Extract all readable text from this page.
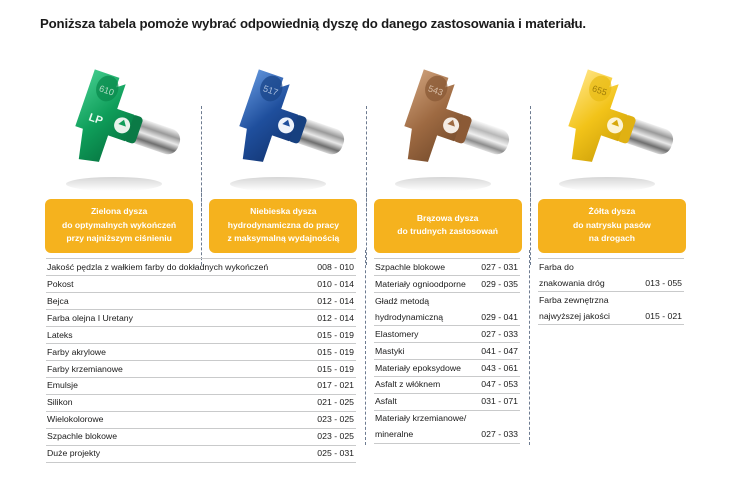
Poniższa tabela pomoże wybrać odpowiednią dyszę do danego zastosowania i materiału.
610
LP
517	543	655
Zielona dysza
do optymalnych wykończeń
przy najniższym ciśnieniu
Niebieska dysza
hydrodynamiczna do pracy
z maksymalną wydajnością
Brązowa dysza
do trudnych zastosowań
Żółta dysza
do natrysku pasów
na drogach
Jakość pędzla z wałkiem farby do dokładnych wykończeń	008 - 010
Pokost	010 - 014
Bejca	012 - 014
Farba olejna I Uretany	012 - 014
Lateks	015 - 019
Farby akrylowe	015 - 019
Farby krzemianowe	015 - 019
Emulsje	017 - 021
Silikon	021 - 025
Wielokolorowe	023 - 025
Szpachle blokowe	023 - 025
Duże projekty	025 - 031
Szpachle blokowe	027 - 031
Materiały ognioodporne	029 - 035
Gładź metodą	
hydrodynamiczną	029 - 041
Elastomery	027 - 033
Mastyki	041 - 047
Materiały epoksydowe	043 - 061
Asfalt z włóknem	047 - 053
Asfalt	031 - 071
Materiały krzemianowe/	
mineralne	027 - 033
Farba do	
znakowania dróg	013 - 055
Farba zewnętrzna	
najwyższej jakości	015 - 021
